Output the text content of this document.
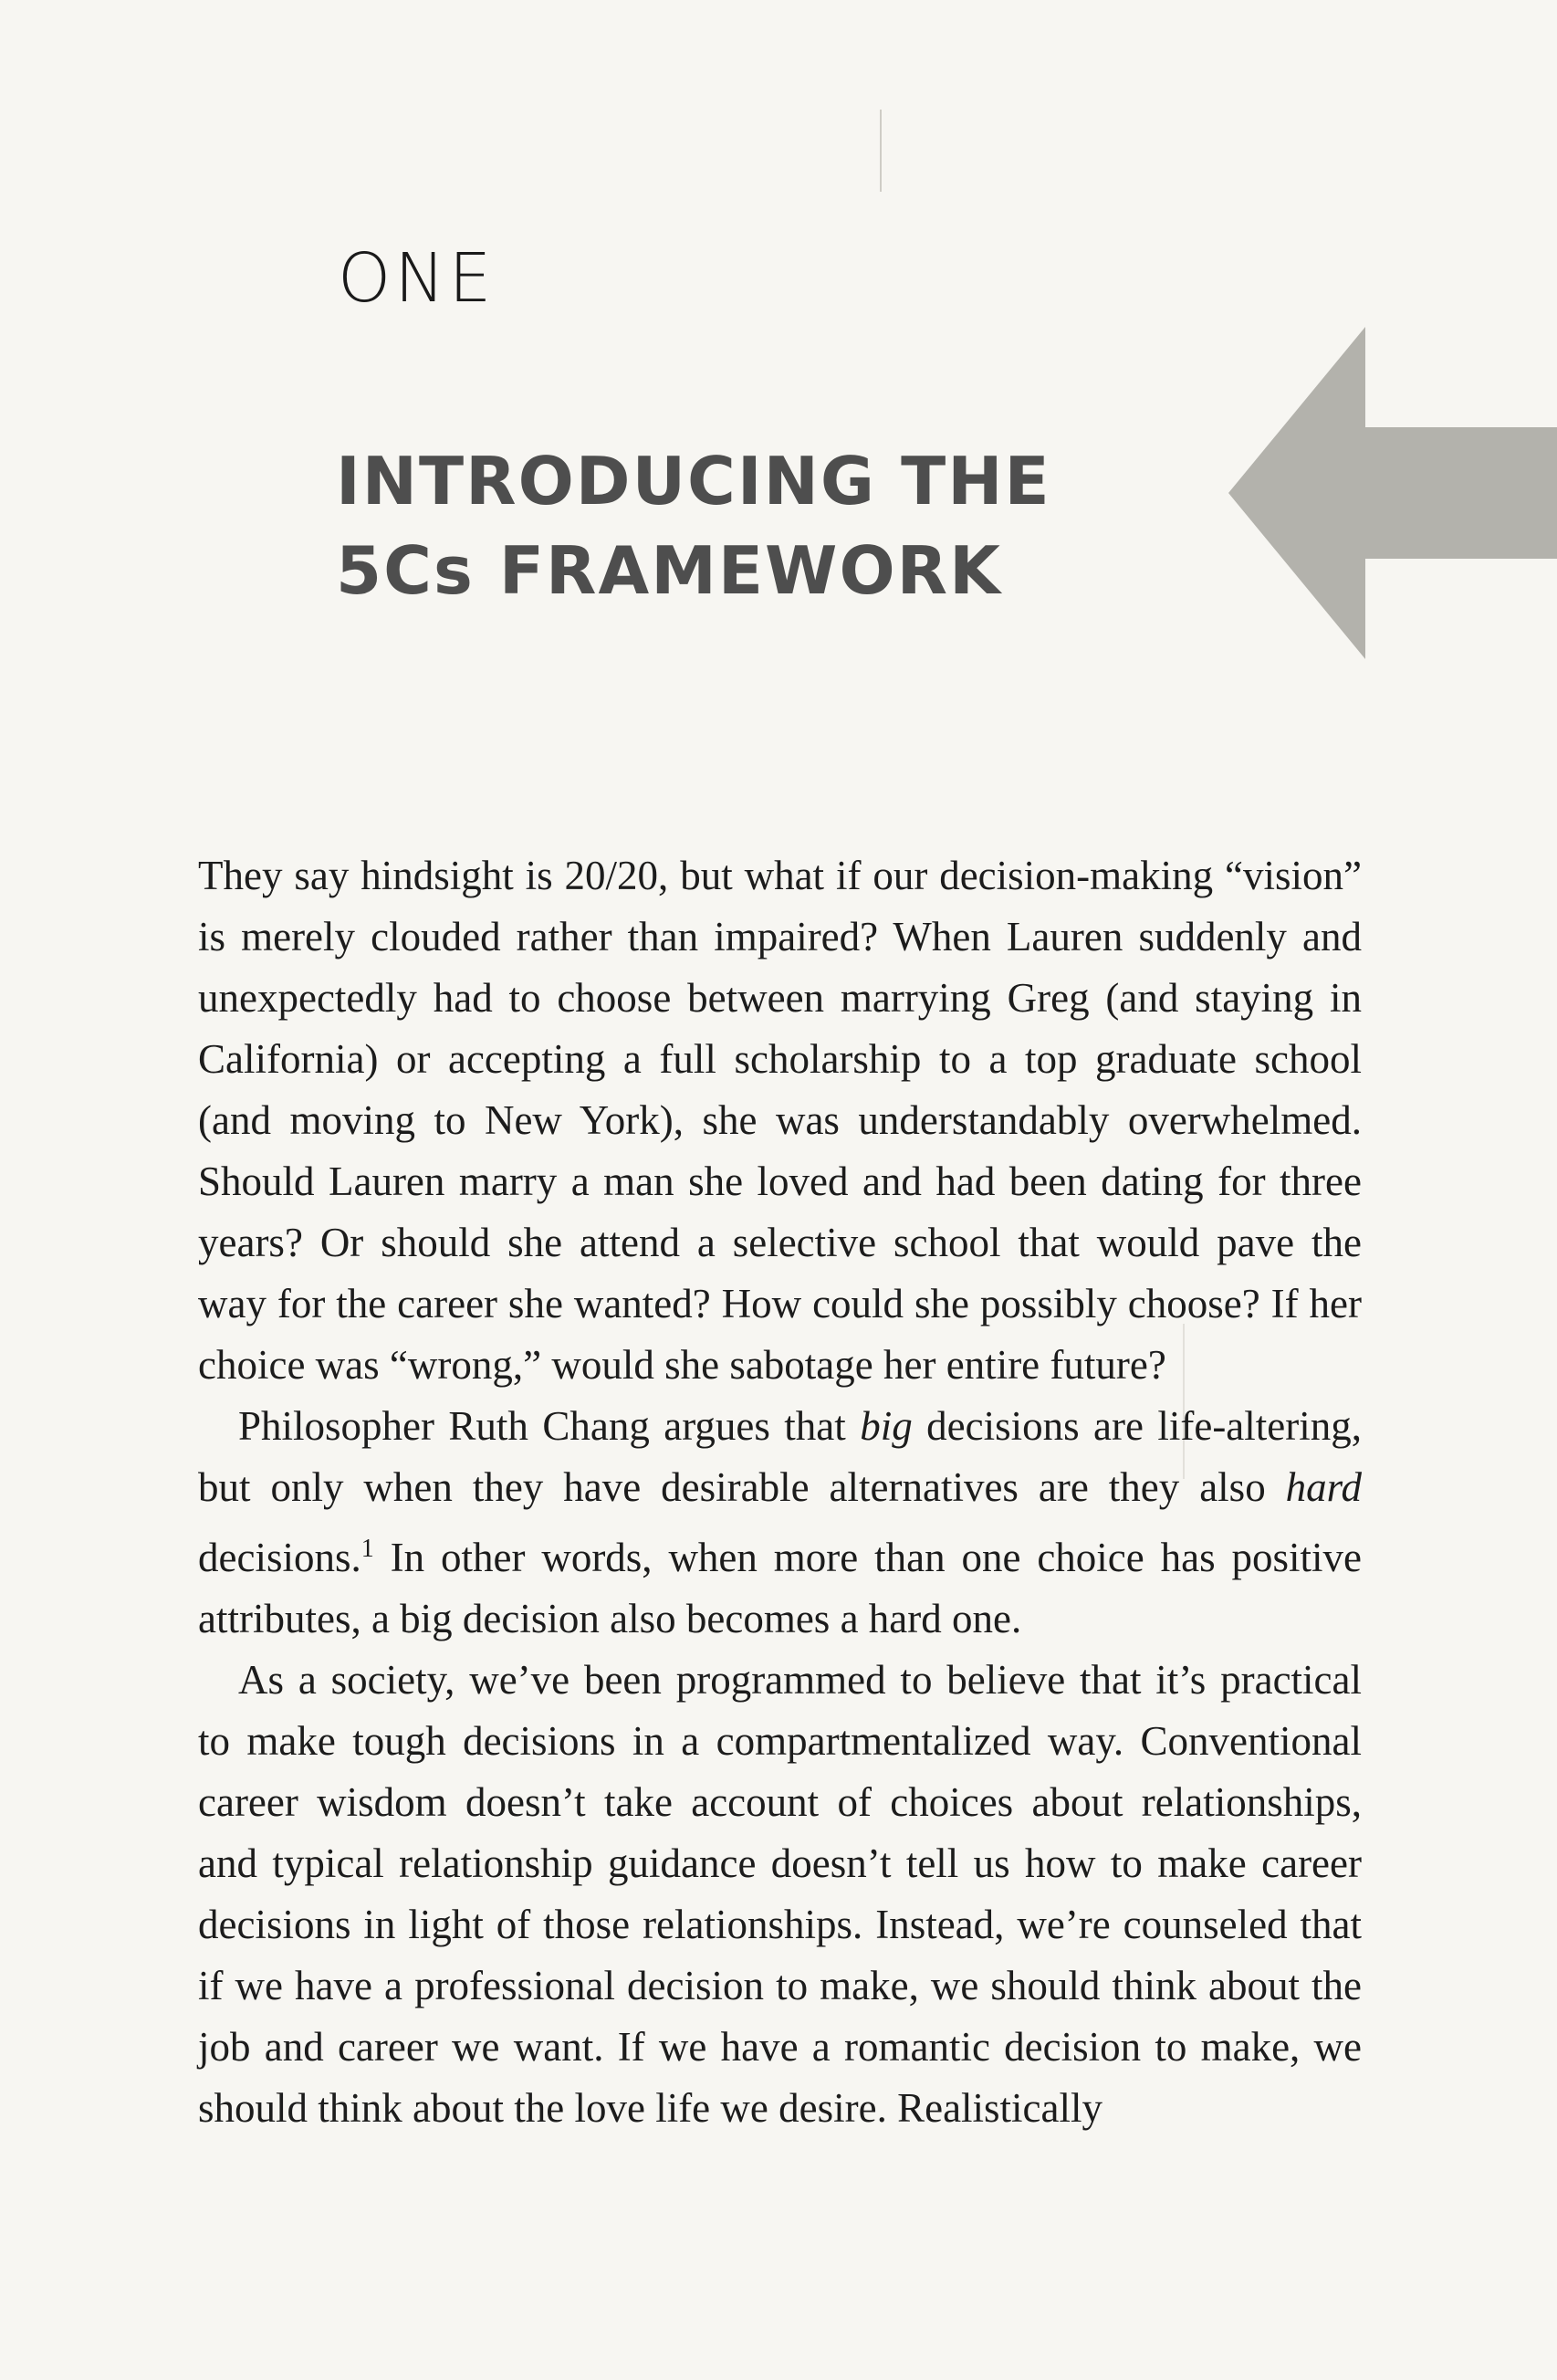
ONE
INTRODUCING THE
5Cs FRAMEWORK

They say hindsight is 20/20, but what if our decision-making “vision” is merely clouded rather than impaired? When Lauren suddenly and unexpectedly had to choose between marrying Greg (and staying in California) or accepting a full scholarship to a top graduate school (and moving to New York), she was understandably overwhelmed. Should Lauren marry a man she loved and had been dating for three years? Or should she attend a selective school that would pave the way for the career she wanted? How could she possibly choose? If her choice was “wrong,” would she sabotage her entire future?

Philosopher Ruth Chang argues that big decisions are life-altering, but only when they have desirable alternatives are they also hard decisions.$^1$ In other words, when more than one choice has positive attributes, a big decision also becomes a hard one.

As a society, we’ve been programmed to believe that it’s practical to make tough decisions in a compartmentalized way. Conventional career wisdom doesn’t take account of choices about relationships, and typical relationship guidance doesn’t tell us how to make career decisions in light of those relationships. Instead, we’re counseled that if we have a professional decision to make, we should think about the job and career we want. If we have a romantic decision to make, we should think about the love life we desire. Realistically
